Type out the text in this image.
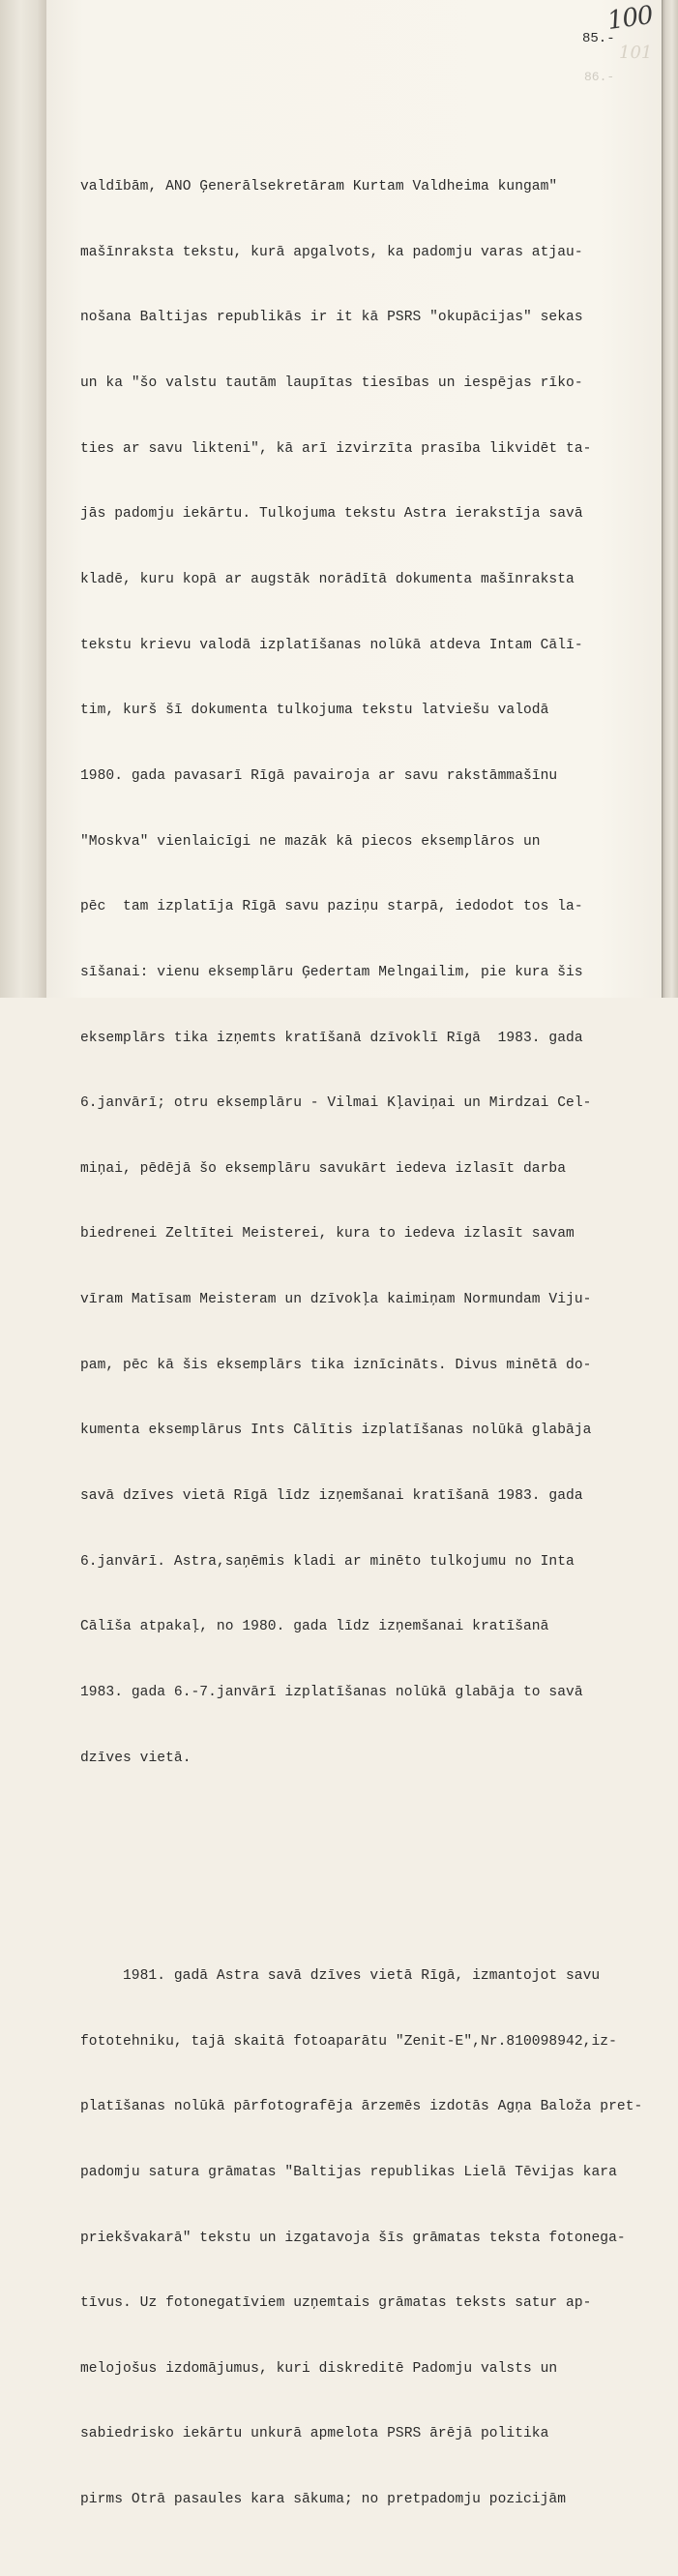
101
86.-
100
85.-

valdībām, ANO Ģenerālsekretāram Kurtam Valdheima kungam"

mašīnraksta tekstu, kurā apgalvots, ka padomju varas atjau-

nošana Baltijas republikās ir it kā PSRS "okupācijas" sekas

un ka "šo valstu tautām laupītas tiesības un iespējas rīko-

ties ar savu likteni", kā arī izvirzīta prasība likvidēt ta-

jās padomju iekārtu. Tulkojuma tekstu Astra ierakstīja savā

kladē, kuru kopā ar augstāk norādītā dokumenta mašīnraksta

tekstu krievu valodā izplatīšanas nolūkā atdeva Intam Cālī-

tim, kurš šī dokumenta tulkojuma tekstu latviešu valodā

1980. gada pavasarī Rīgā pavairoja ar savu rakstāmmašīnu

"Moskva" vienlaicīgi ne mazāk kā piecos eksemplāros un

pēc  tam izplatīja Rīgā savu paziņu starpā, iedodot tos la-

sīšanai: vienu eksemplāru Ģedertam Melngailim, pie kura šis

eksemplārs tika izņemts kratīšanā dzīvoklī Rīgā  1983. gada

6.janvārī; otru eksemplāru - Vilmai Kļaviņai un Mirdzai Cel-

miņai, pēdējā šo eksemplāru savukārt iedeva izlasīt darba

biedrenei Zeltītei Meisterei, kura to iedeva izlasīt savam

vīram Matīsam Meisteram un dzīvokļa kaimiņam Normundam Viju-

pam, pēc kā šis eksemplārs tika iznīcināts. Divus minētā do-

kumenta eksemplārus Ints Cālītis izplatīšanas nolūkā glabāja

savā dzīves vietā Rīgā līdz izņemšanai kratīšanā 1983. gada

6.janvārī. Astra,saņēmis kladi ar minēto tulkojumu no Inta

Cālīša atpakaļ, no 1980. gada līdz izņemšanai kratīšanā

1983. gada 6.-7.janvārī izplatīšanas nolūkā glabāja to savā

dzīves vietā.

1981. gadā Astra savā dzīves vietā Rīgā, izmantojot savu

fototehniku, tajā skaitā fotoaparātu "Zenit-E",Nr.810098942,iz-

platīšanas nolūkā pārfotografēja ārzemēs izdotās Agņa Baloža pret-

padomju satura grāmatas "Baltijas republikas Lielā Tēvijas kara

priekšvakarā" tekstu un izgatavoja šīs grāmatas teksta fotonega-

tīvus. Uz fotonegatīviem uzņemtais grāmatas teksts satur ap-

melojošus izdomājumus, kuri diskreditē Padomju valsts un

sabiedrisko iekārtu unkurā apmelota PSRS ārējā politika

pirms Otrā pasaules kara sākuma; no pretpadomju pozicijām
